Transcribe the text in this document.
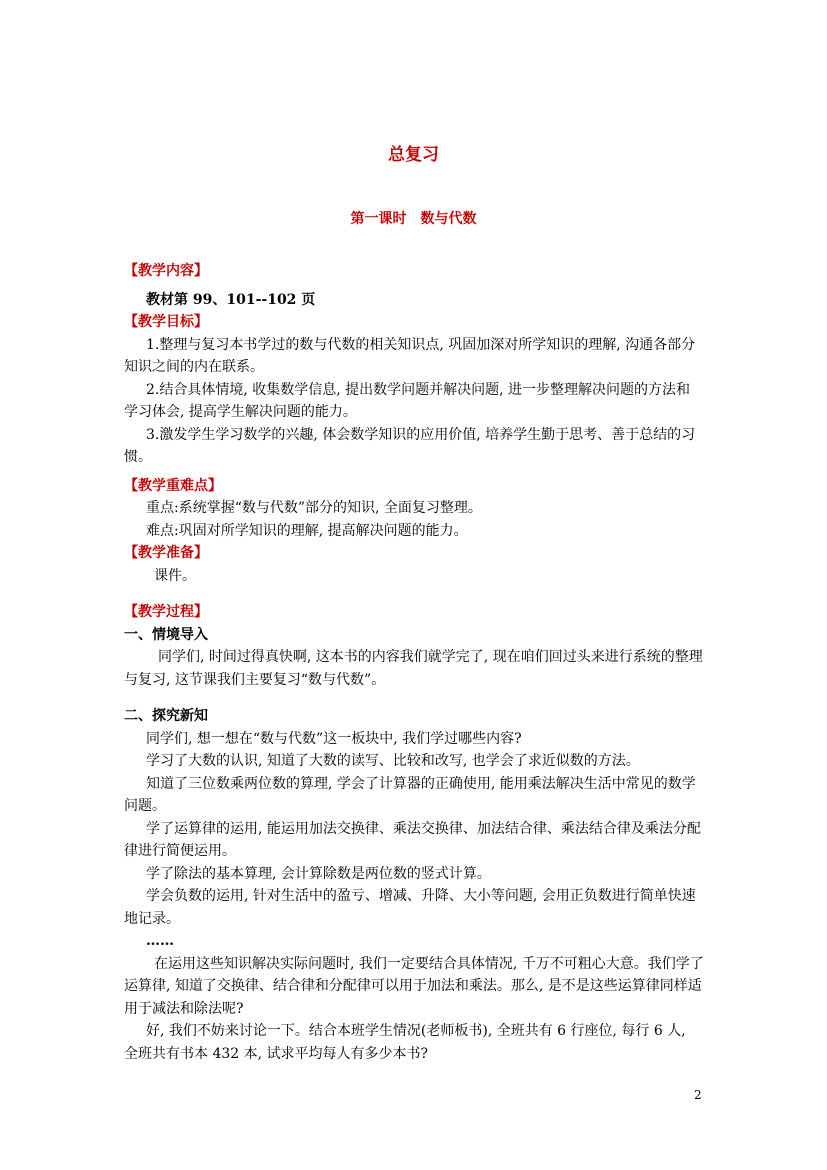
总复习
第一课时　数与代数

【教学内容】

教材第 99、101--102 页

【教学目标】

1.整理与复习本书学过的数与代数的相关知识点, 巩固加深对所学知识的理解, 沟通各部分知识之间的内在联系。

2.结合具体情境, 收集数学信息, 提出数学问题并解决问题, 进一步整理解决问题的方法和学习体会, 提高学生解决问题的能力。

3.激发学生学习数学的兴趣, 体会数学知识的应用价值, 培养学生勤于思考、善于总结的习惯。

【教学重难点】

重点:系统掌握“数与代数”部分的知识, 全面复习整理。

难点:巩固对所学知识的理解, 提高解决问题的能力。

【教学准备】

课件。

【教学过程】

一、情境导入

同学们, 时间过得真快啊, 这本书的内容我们就学完了, 现在咱们回过头来进行系统的整理与复习, 这节课我们主要复习“数与代数”。

二、探究新知

同学们, 想一想在“数与代数”这一板块中, 我们学过哪些内容?

学习了大数的认识, 知道了大数的读写、比较和改写, 也学会了求近似数的方法。

知道了三位数乘两位数的算理, 学会了计算器的正确使用, 能用乘法解决生活中常见的数学问题。

学了运算律的运用, 能运用加法交换律、乘法交换律、加法结合律、乘法结合律及乘法分配律进行简便运用。

学了除法的基本算理, 会计算除数是两位数的竖式计算。

学会负数的运用, 针对生活中的盈亏、增减、升降、大小等问题, 会用正负数进行简单快速地记录。

……

在运用这些知识解决实际问题时, 我们一定要结合具体情况, 千万不可粗心大意。我们学了运算律, 知道了交换律、结合律和分配律可以用于加法和乘法。那么, 是不是这些运算律同样适用于减法和除法呢?

好, 我们不妨来讨论一下。结合本班学生情况(老师板书), 全班共有 6 行座位, 每行 6 人, 全班共有书本 432 本, 试求平均每人有多少本书?

2
